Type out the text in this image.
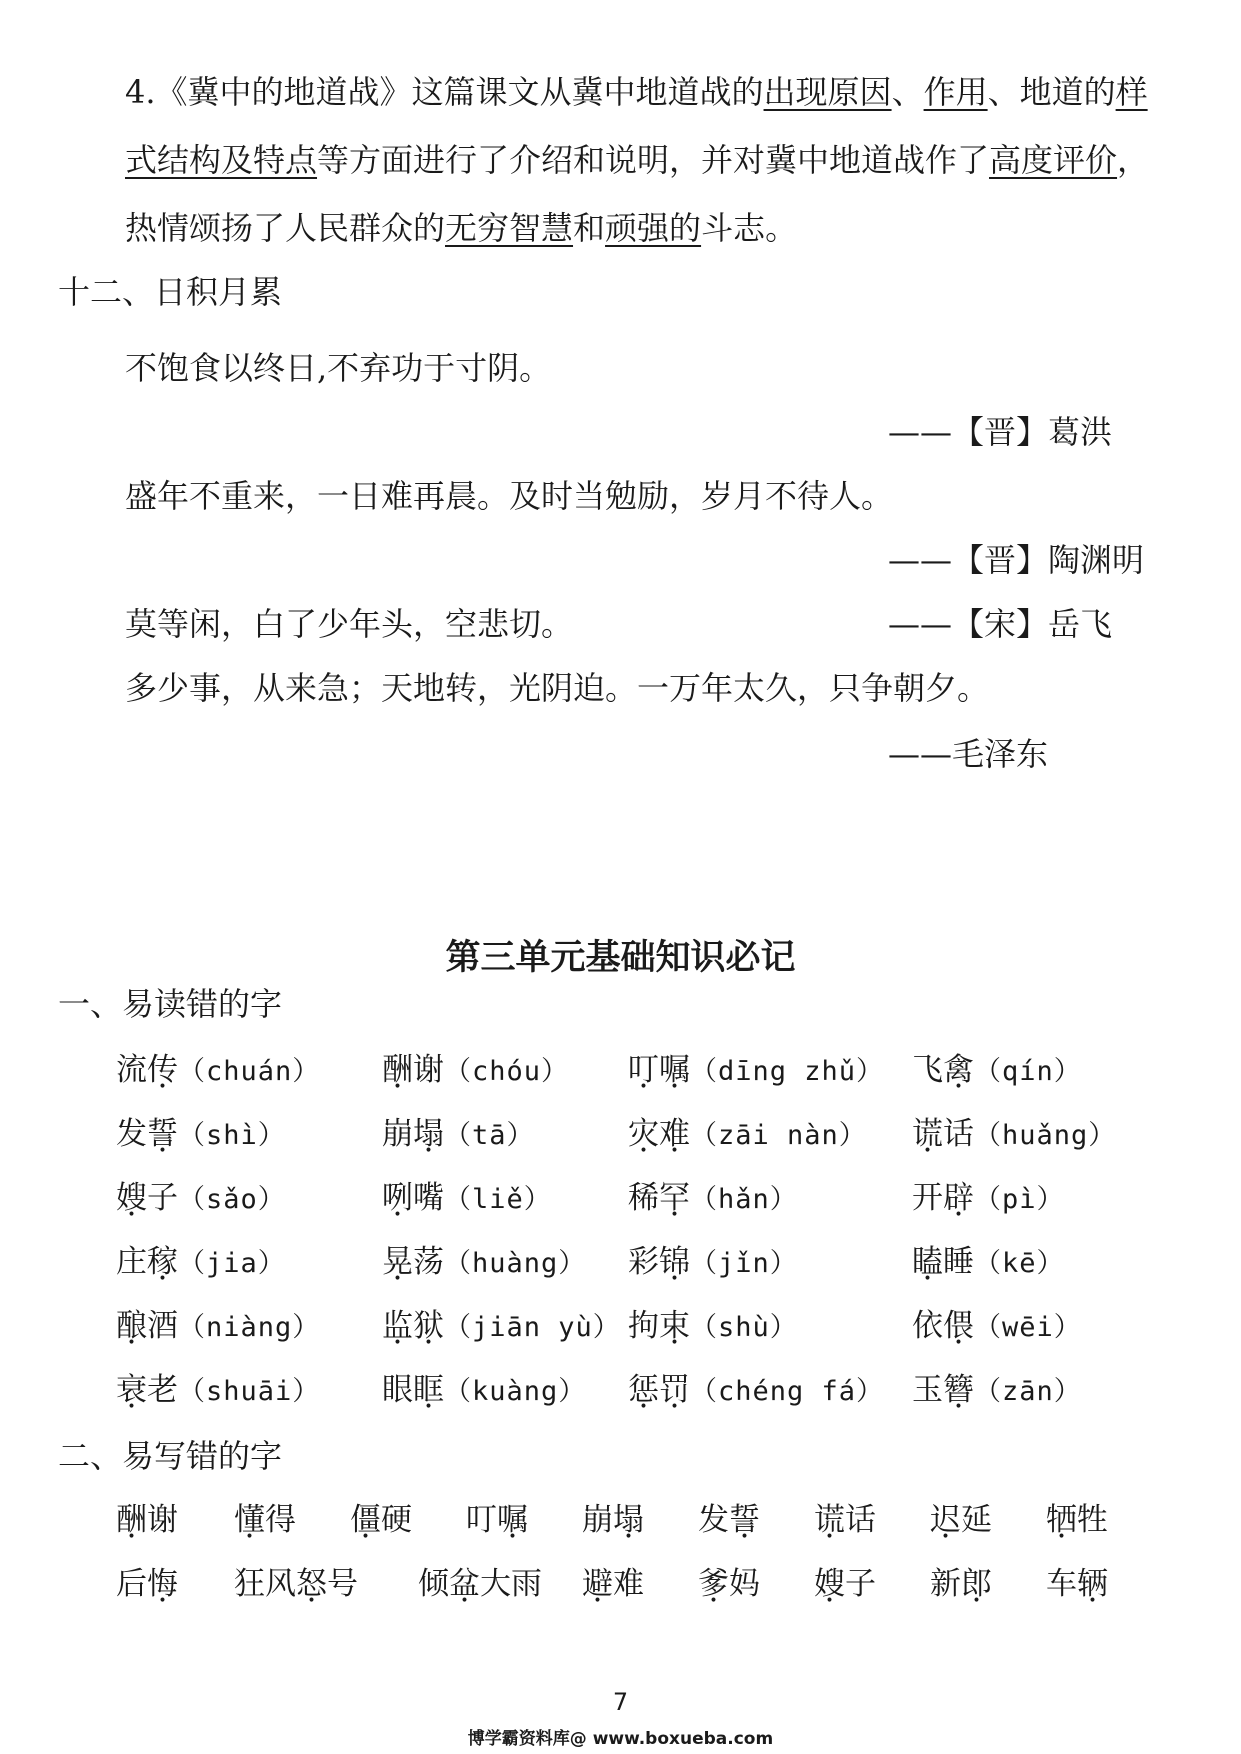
4.《冀中的地道战》这篇课文从冀中地道战的出现原因、作用、地道的样
式结构及特点等方面进行了介绍和说明，并对冀中地道战作了高度评价，
热情颂扬了人民群众的无穷智慧和顽强的斗志。
十二、日积月累
不饱食以终日,不弃功于寸阴。
——【晋】葛洪
盛年不重来，一日难再晨。及时当勉励，岁月不待人。
——【晋】陶渊明
莫等闲，白了少年头，空悲切。	——【宋】岳飞
多少事，从来急；天地转，光阴迫。一万年太久，只争朝夕。
——毛泽东
第三单元基础知识必记
一、易读错的字
流传（chuán） 酬谢（chóu） 叮嘱（dīng zhǔ） 飞禽（qín）
发誓（shì）	崩塌（tā）	灾难（zāi nàn） 谎话（huǎng）
嫂子（sǎo）	咧嘴（liě） 稀罕（hǎn）	开辟（pì）
庄稼（jia）	晃荡（huàng） 彩锦（jǐn）	瞌睡（kē）
酿酒（niàng） 监狱（jiān yù） 拘束（shù）	依偎（wēi）
衰老（shuāi） 眼眶（kuàng） 惩罚（chéng fá） 玉簪（zān）
二、易写错的字
酬谢 懂得 僵硬 叮嘱 崩塌 发誓 谎话 迟延 牺牲
后悔 狂风怒号 倾盆大雨 避难 爹妈 嫂子 新郎 车辆
7
博学霸资料库@ www.boxueba.com
